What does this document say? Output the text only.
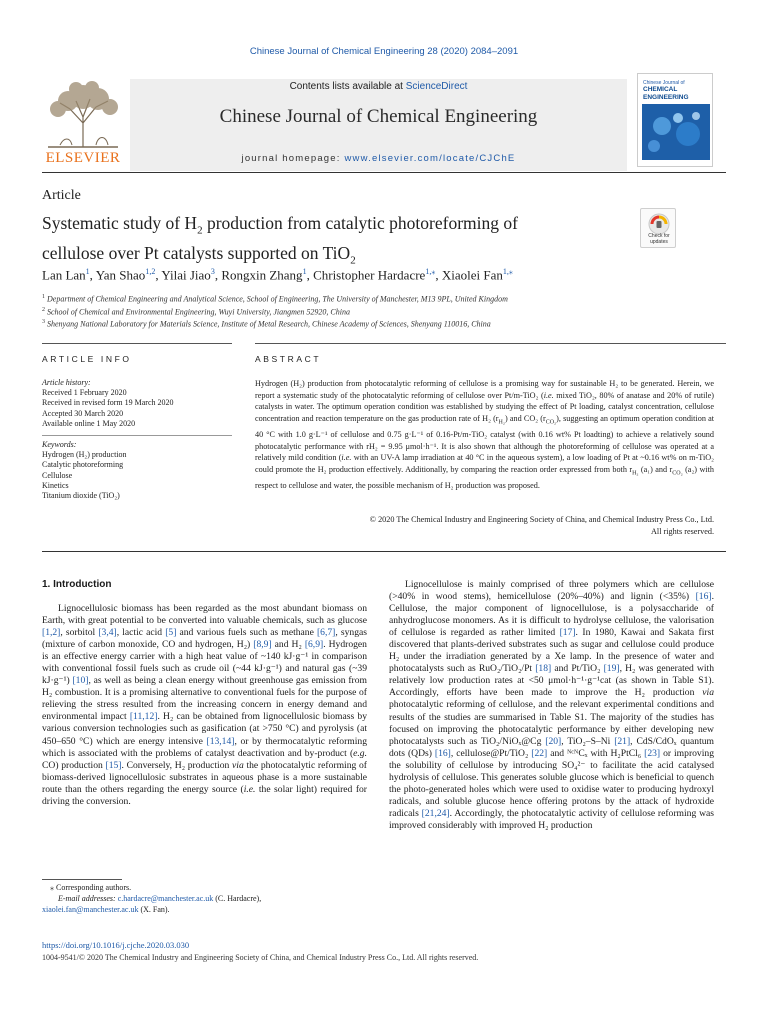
Chinese Journal of Chemical Engineering 28 (2020) 2084–2091
Contents lists available at ScienceDirect
Chinese Journal of Chemical Engineering
journal homepage: www.elsevier.com/locate/CJChE
ELSEVIER
Chinese Journal of
CHEMICAL ENGINEERING
Article
Systematic study of $H_2$ production from catalytic photoreforming of
cellulose over Pt catalysts supported on TiO$_2$
Check for updates
Lan Lan$^1$, Yan Shao$^{1,2}$, Yilai Jiao$^3$, Rongxin Zhang$^1$, Christopher Hardacre$^{1,⁎}$, Xiaolei Fan$^{1,⁎}$
$^1$ Department of Chemical Engineering and Analytical Science, School of Engineering, The University of Manchester, M13 9PL, United Kingdom
$^2$ School of Chemical and Environmental Engineering, Wuyi University, Jiangmen 52920, China
$^3$ Shenyang National Laboratory for Materials Science, Institute of Metal Research, Chinese Academy of Sciences, Shenyang 110016, China
ARTICLE INFO	ABSTRACT
Article history:
Received 1 February 2020
Received in revised form 19 March 2020
Accepted 30 March 2020
Available online 1 May 2020
Keywords:
Hydrogen (H₂) production
Catalytic photoreforming
Cellulose
Kinetics
Titanium dioxide (TiO₂)
Hydrogen (H₂) production from photocatalytic reforming of cellulose is a promising way for sustainable H₂ to be generated. Herein, we report a systematic study of the photocatalytic reforming of cellulose over Pt/m-TiO₂ (i.e. mixed TiO₂, 80% of anatase and 20% of rutile) catalysts in water. The optimum operation condition was established by studying the effect of Pt loading, catalyst concentration, cellulose concentration and reaction temperature on the gas production rate of H₂ $(r_{H_2})$ and CO₂ $(r_{CO_2})$, suggesting an optimum operation condition at 40 °C with 1.0 g·L⁻¹ of cellulose and 0.75 g·L⁻¹ of 0.16-Pt/m-TiO₂ catalyst (with 0.16 wt% Pt loadting) to achieve a relatively sound photocatalytic performance with rH₂ = 9.95 μmol·h⁻¹. It is also shown that although the photoreforming of cellulose was operated at a relatively mild condition (i.e. with an UV-A lamp irradiation at 40 °C in the aqueous system), a low loading of Pt at ~0.16 wt% on m-TiO₂ could promote the H₂ production effectively. Additionally, by comparing the reaction order expressed from both $r_{H_2}$ (a₁) and $r_{CO_2}$ (a₂) with respect to cellulose and water, the possible mechanism of H₂ production was proposed.
© 2020 The Chemical Industry and Engineering Society of China, and Chemical Industry Press Co., Ltd.
All rights reserved.
1. Introduction

Lignocellulosic biomass has been regarded as the most abundant biomass on Earth, with great potential to be converted into valuable chemicals, such as glucose [1,2], sorbitol [3,4], lactic acid [5] and various fuels such as methane [6,7], syngas (mixture of carbon monoxide, CO and hydrogen, H₂) [8,9] and H₂ [6,9]. Hydrogen is an effective energy carrier with a high heat value of ~140 kJ·g⁻¹ in comparison with conventional fossil fuels such as crude oil (~44 kJ·g⁻¹) and natural gas (~39 kJ·g⁻¹) [10], as well as being a clean energy without greenhouse gas emission from H₂ combustion. It is a promising alternative to conventional fuels for the purpose of relieving the stress resulted from the increasing concern in energy demand and environmental impact [11,12]. H₂ can be obtained from lignocellulosic biomass by various conversion technologies such as gasification (at >750 °C) and pyrolysis (at 450–650 °C) which are energy intensive [13,14], or by thermocatalytic reforming which is associated with the problems of catalyst deactivation and by-product (e.g. CO) production [15]. Conversely, H₂ production via the photocatalytic reforming of biomass-derived lignocellulosic substrates in aqueous phase is a more sustainable route than the others regarding the energy source (i.e. the solar light) required for driving the conversion.

Lignocellulose is mainly comprised of three polymers which are cellulose (>40% in wood stems), hemicellulose (20%–40%) and lignin (<35%) [16]. Cellulose, the major component of lignocellulose, is a polysaccharide of anhydroglucose monomers. As it is difficult to hydrolyse cellulose, the valorisation of cellulose is regarded as rather limited [17]. In 1980, Kawai and Sakata first discovered that plants-derived substrates such as sugar and cellulose could produce H₂ under the irradiation generated by a Xe lamp. In the presence of water and photocatalysts such as RuO₂/TiO₂/Pt [18] and Pt/TiO₂ [19], H₂ was generated with relatively low production rates at <50 μmol·h⁻¹·g⁻¹cat (as shown in Table S1). Accordingly, efforts have been made to improve the H₂ production via photocatalytic reforming of cellulose, and the relevant experimental conditions and results of the studies are summarised in Table S1. The majority of the studies has focused on improving the photocatalytic performance by either developing new photocatalysts such as TiO₂/NiOₓ@Cg [20], TiO₂–S–Ni [21], CdS/CdOₓ quantum dots (QDs) [16], cellulose@Pt/TiO₂ [22] and ᴺᶜᴺCₓ with H₂PtCl₆ [23] or improving the solubility of cellulose by introducing SO₄²⁻ to facilitate the acid catalysed hydrolysis of cellulose. This generates soluble glucose which is beneficial to quench the photo-generated holes which were used to oxidise water to producing hydroxyl radicals, and soluble glucose hence offering protons by the attack of hydroxide radicals [21,24]. Accordingly, the photocatalytic activity of cellulose reforming was improved considerably with improved H₂ production

⁎ Corresponding authors.
E-mail addresses: c.hardacre@manchester.ac.uk (C. Hardacre),
xiaolei.fan@manchester.ac.uk (X. Fan).
https://doi.org/10.1016/j.cjche.2020.03.030
1004-9541/© 2020 The Chemical Industry and Engineering Society of China, and Chemical Industry Press Co., Ltd. All rights reserved.
